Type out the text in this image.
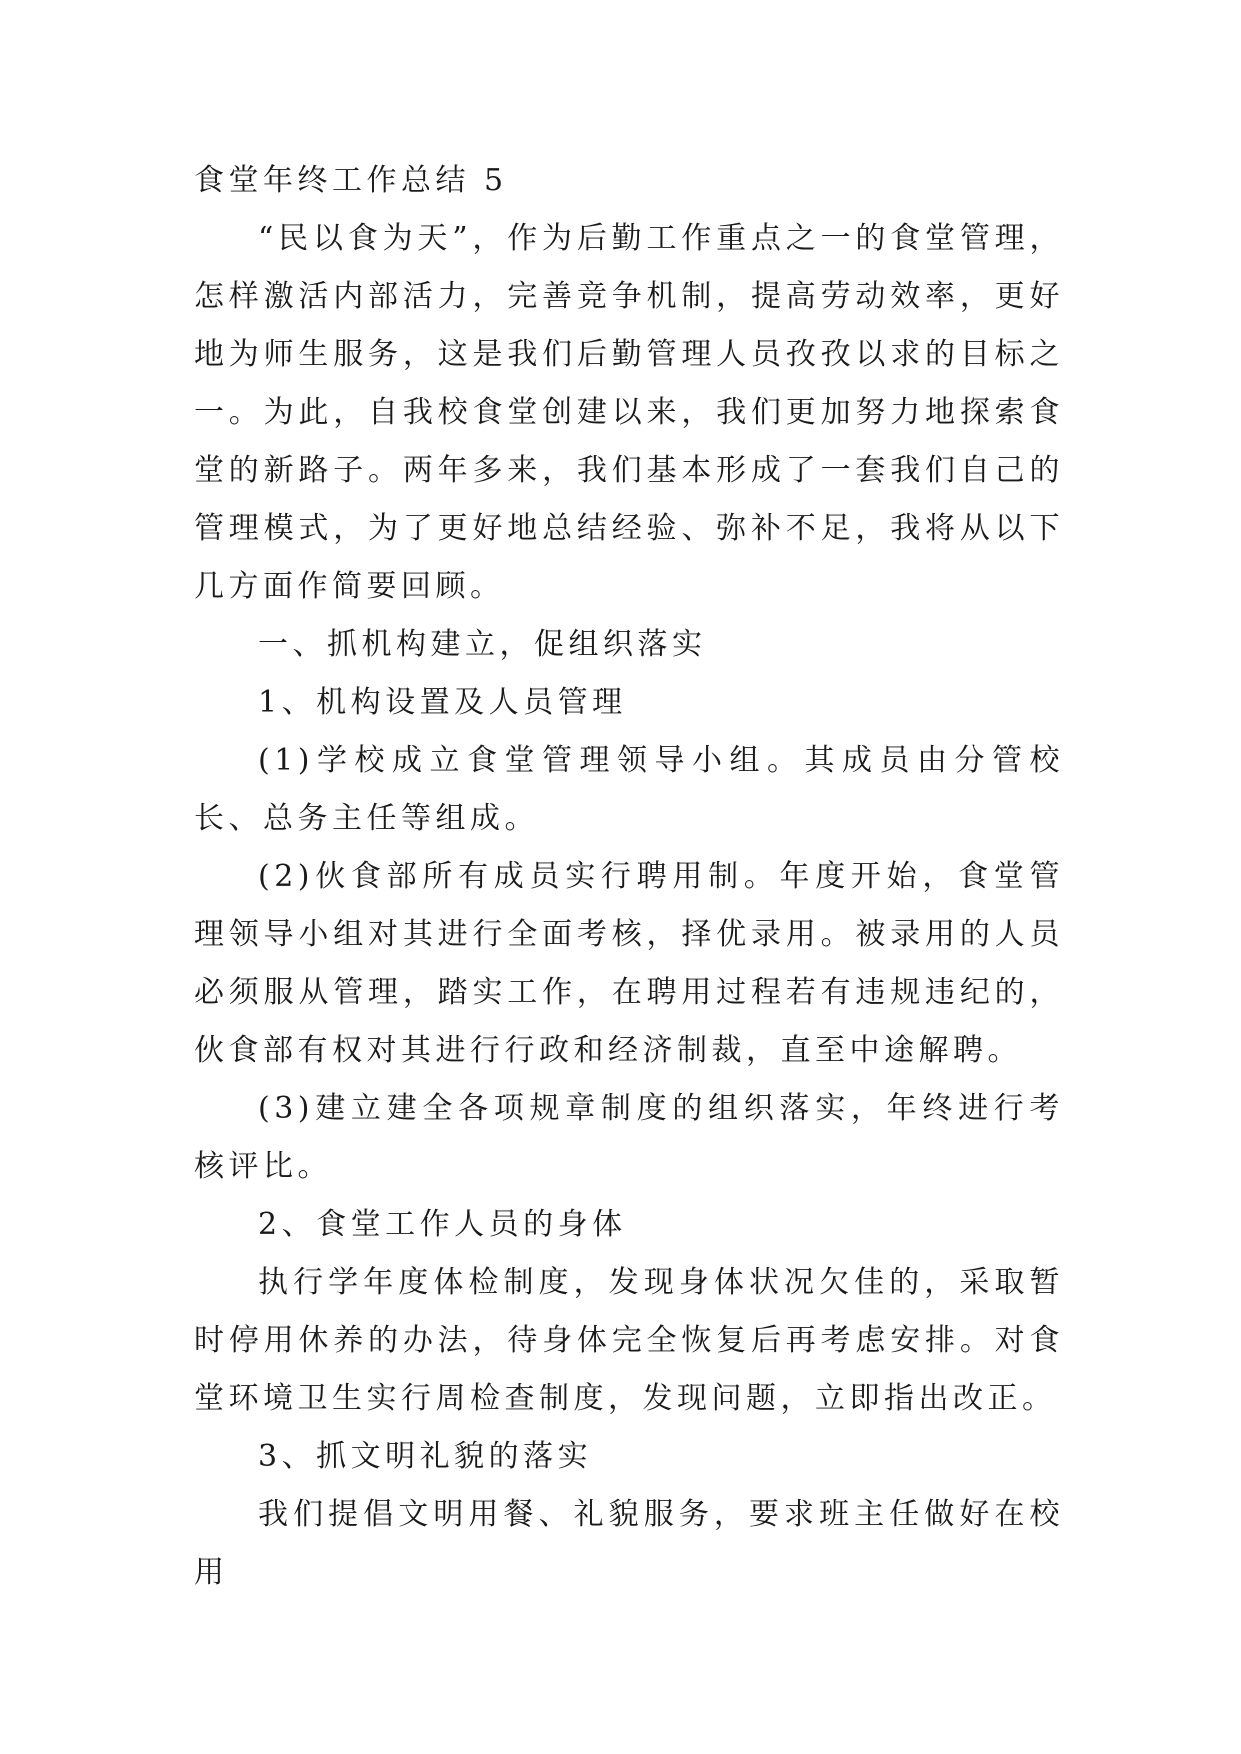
食堂年终工作总结 5

“民以食为天”，作为后勤工作重点之一的食堂管理，怎样激活内部活力，完善竞争机制，提高劳动效率，更好地为师生服务，这是我们后勤管理人员孜孜以求的目标之一。为此，自我校食堂创建以来，我们更加努力地探索食堂的新路子。两年多来，我们基本形成了一套我们自己的管理模式，为了更好地总结经验、弥补不足，我将从以下几方面作简要回顾。

一、抓机构建立，促组织落实

1、机构设置及人员管理

(1)学校成立食堂管理领导小组。其成员由分管校长、总务主任等组成。

(2)伙食部所有成员实行聘用制。年度开始，食堂管理领导小组对其进行全面考核，择优录用。被录用的人员必须服从管理，踏实工作，在聘用过程若有违规违纪的，伙食部有权对其进行行政和经济制裁，直至中途解聘。

(3)建立建全各项规章制度的组织落实，年终进行考核评比。

2、食堂工作人员的身体

执行学年度体检制度，发现身体状况欠佳的，采取暂时停用休养的办法，待身体完全恢复后再考虑安排。对食堂环境卫生实行周检查制度，发现问题，立即指出改正。

3、抓文明礼貌的落实

我们提倡文明用餐、礼貌服务，要求班主任做好在校用
